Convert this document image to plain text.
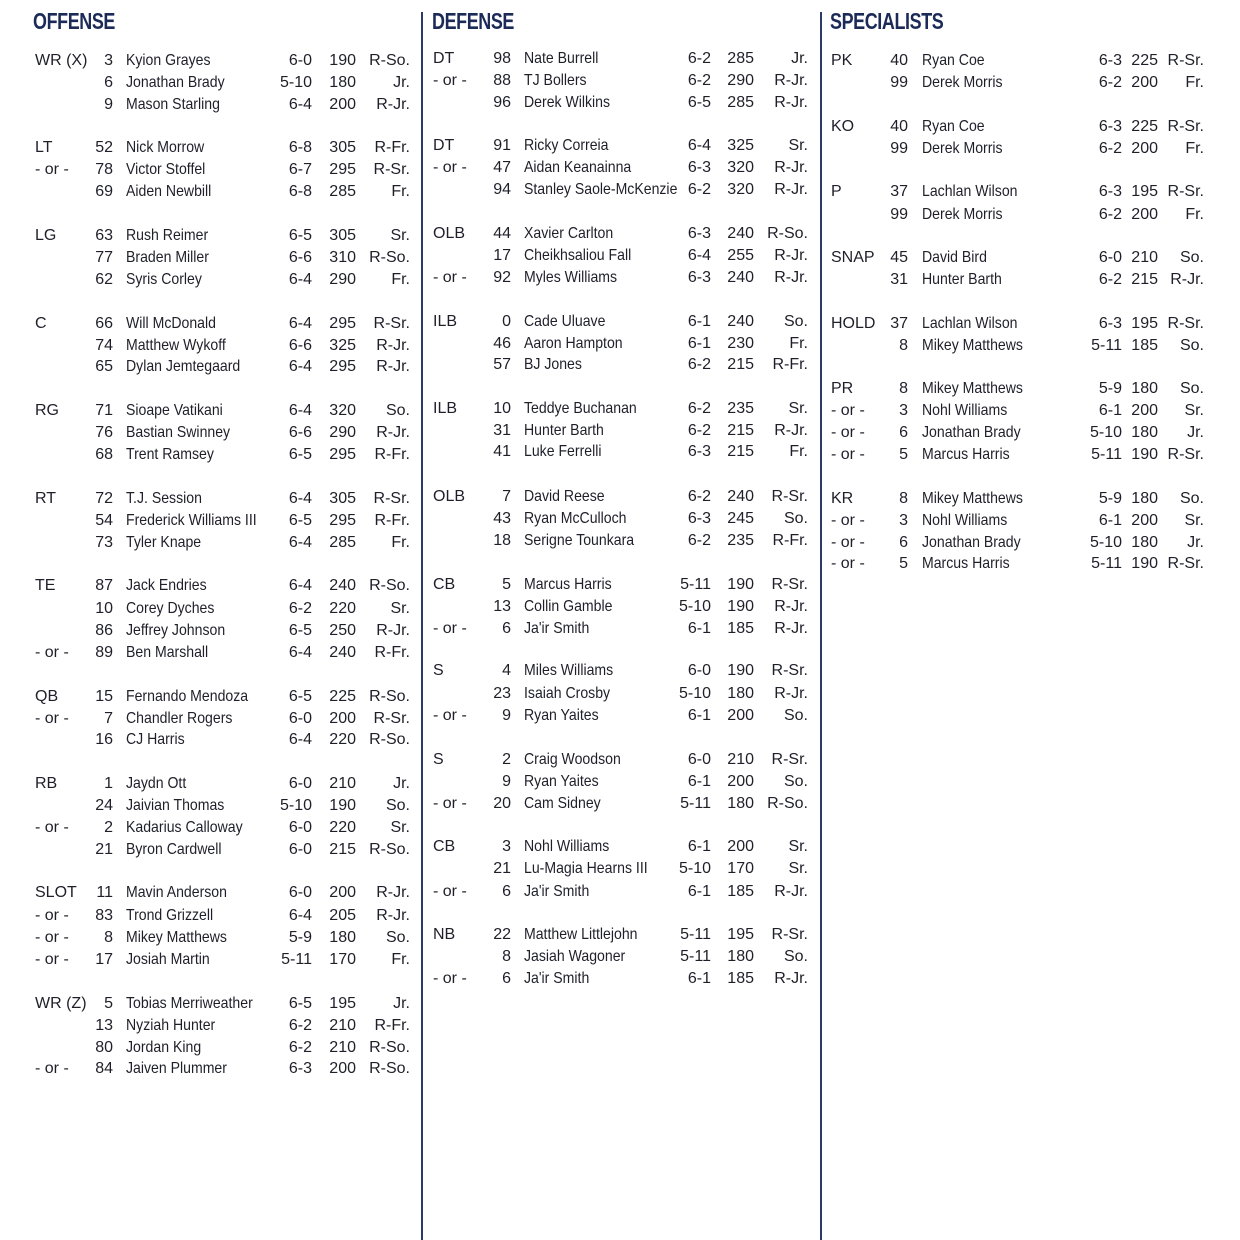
OFFENSE
WR (X)	3 Kyion Grayes	6-0	190 R-So.
6 Jonathan Brady	5-10	180	Jr.
9 Mason Starling	6-4	200	R-Jr.
LT	52 Nick Morrow	6-8	305	R-Fr.
- or -	78 Victor Stoffel	6-7	295	R-Sr.
69 Aiden Newbill	6-8	285	Fr.
LG	63 Rush Reimer	6-5	305	Sr.
77 Braden Miller	6-6	310 R-So.
62 Syris Corley	6-4	290	Fr.
C	66 Will McDonald	6-4	295	R-Sr.
74 Matthew Wykoff	6-6	325	R-Jr.
65 Dylan Jemtegaard	6-4	295	R-Jr.
RG	71 Sioape Vatikani	6-4	320	So.
76 Bastian Swinney	6-6	290	R-Jr.
68 Trent Ramsey	6-5	295	R-Fr.
RT	72 T.J. Session	6-4	305	R-Sr.
54 Frederick Williams III	6-5	295	R-Fr.
73 Tyler Knape	6-4	285	Fr.
TE	87 Jack Endries	6-4	240 R-So.
10 Corey Dyches	6-2	220	Sr.
86 Jeffrey Johnson	6-5	250	R-Jr.
- or -	89 Ben Marshall	6-4	240	R-Fr.
QB	15 Fernando Mendoza	6-5	225 R-So.
- or -	7 Chandler Rogers	6-0	200	R-Sr.
16 CJ Harris	6-4	220 R-So.
RB	1 Jaydn Ott	6-0	210	Jr.
24 Jaivian Thomas	5-10	190	So.
- or -	2 Kadarius Calloway	6-0	220	Sr.
21 Byron Cardwell	6-0	215 R-So.
SLOT	11 Mavin Anderson	6-0	200	R-Jr.
- or -	83 Trond Grizzell	6-4	205	R-Jr.
- or -	8 Mikey Matthews	5-9	180	So.
- or -	17 Josiah Martin	5-11	170	Fr.
WR (Z)	5 Tobias Merriweather	6-5	195	Jr.
13 Nyziah Hunter	6-2	210	R-Fr.
80 Jordan King	6-2	210 R-So.
- or -	84 Jaiven Plummer	6-3	200 R-So.
DEFENSE
DT	98 Nate Burrell	6-2	285	Jr.
- or -	88 TJ Bollers	6-2	290	R-Jr.
96 Derek Wilkins	6-5	285	R-Jr.
DT	91 Ricky Correia	6-4	325	Sr.
- or -	47 Aidan Keanainna	6-3	320	R-Jr.
94 Stanley Saole-McKenzie 6-2	320	R-Jr.
OLB	44 Xavier Carlton	6-3	240 R-So.
17 Cheikhsaliou Fall	6-4	255	R-Jr.
- or -	92 Myles Williams	6-3	240	R-Jr.
ILB	0 Cade Uluave	6-1	240	So.
46 Aaron Hampton	6-1	230	Fr.
57 BJ Jones	6-2	215	R-Fr.
ILB	10 Teddye Buchanan	6-2	235	Sr.
31 Hunter Barth	6-2	215	R-Jr.
41 Luke Ferrelli	6-3	215	Fr.
OLB	7 David Reese	6-2	240	R-Sr.
43 Ryan McCulloch	6-3	245	So.
18 Serigne Tounkara	6-2	235	R-Fr.
CB	5 Marcus Harris	5-11	190	R-Sr.
13 Collin Gamble	5-10	190	R-Jr.
- or -	6 Ja'ir Smith	6-1	185	R-Jr.
S	4 Miles Williams	6-0	190	R-Sr.
23 Isaiah Crosby	5-10	180	R-Jr.
- or -	9 Ryan Yaites	6-1	200	So.
S	2 Craig Woodson	6-0	210	R-Sr.
9 Ryan Yaites	6-1	200	So.
- or -	20 Cam Sidney	5-11	180 R-So.
CB	3 Nohl Williams	6-1	200	Sr.
21 Lu-Magia Hearns III	5-10	170	Sr.
- or -	6 Ja'ir Smith	6-1	185	R-Jr.
NB	22 Matthew Littlejohn	5-11	195	R-Sr.
8 Jasiah Wagoner	5-11	180	So.
- or -	6 Ja'ir Smith	6-1	185	R-Jr.
SPECIALISTS
PK	40 Ryan Coe	6-3 225 R-Sr.
99 Derek Morris	6-2 200	Fr.
KO	40 Ryan Coe	6-3 225 R-Sr.
99 Derek Morris	6-2 200	Fr.
P	37 Lachlan Wilson	6-3 195 R-Sr.
99 Derek Morris	6-2 200	Fr.
SNAP 45 David Bird	6-0 210	So.
31 Hunter Barth	6-2 215 R-Jr.
HOLD 37 Lachlan Wilson	6-3 195 R-Sr.
8 Mikey Matthews	5-11 185	So.
PR	8 Mikey Matthews	5-9 180	So.
- or -	3 Nohl Williams	6-1 200	Sr.
- or -	6 Jonathan Brady	5-10 180	Jr.
- or -	5 Marcus Harris	5-11 190 R-Sr.
KR	8 Mikey Matthews	5-9 180	So.
- or -	3 Nohl Williams	6-1 200	Sr.
- or -	6 Jonathan Brady	5-10 180	Jr.
- or -	5 Marcus Harris	5-11 190 R-Sr.
